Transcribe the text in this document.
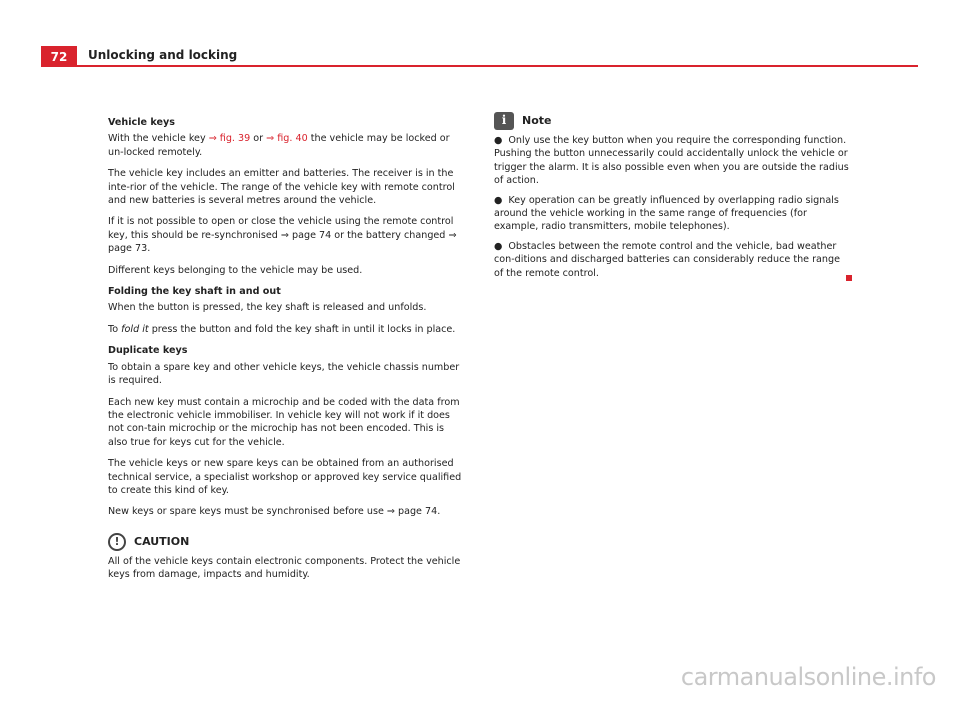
72	Unlocking and locking
Vehicle keys

With the vehicle key ⇒ fig. 39 or ⇒ fig. 40 the vehicle may be locked or un-locked remotely.

The vehicle key includes an emitter and batteries. The receiver is in the inte-rior of the vehicle. The range of the vehicle key with remote control and new batteries is several metres around the vehicle.

If it is not possible to open or close the vehicle using the remote control key, this should be re-synchronised ⇒ page 74 or the battery changed ⇒ page 73.

Different keys belonging to the vehicle may be used.

Folding the key shaft in and out

When the button is pressed, the key shaft is released and unfolds.

To fold it press the button and fold the key shaft in until it locks in place.

Duplicate keys

To obtain a spare key and other vehicle keys, the vehicle chassis number is required.

Each new key must contain a microchip and be coded with the data from the electronic vehicle immobiliser. In vehicle key will not work if it does not con-tain microchip or the microchip has not been encoded. This is also true for keys cut for the vehicle.

The vehicle keys or new spare keys can be obtained from an authorised technical service, a specialist workshop or approved key service qualified to create this kind of key.

New keys or spare keys must be synchronised before use ⇒ page 74.

!	CAUTION

All of the vehicle keys contain electronic components. Protect the vehicle keys from damage, impacts and humidity.

i	Note
● Only use the key button when you require the corresponding function. Pushing the button unnecessarily could accidentally unlock the vehicle or trigger the alarm. It is also possible even when you are outside the radius of action.
● Key operation can be greatly influenced by overlapping radio signals around the vehicle working in the same range of frequencies (for example, radio transmitters, mobile telephones).
● Obstacles between the remote control and the vehicle, bad weather con-ditions and discharged batteries can considerably reduce the range of the remote control.
carmanualsonline.info
